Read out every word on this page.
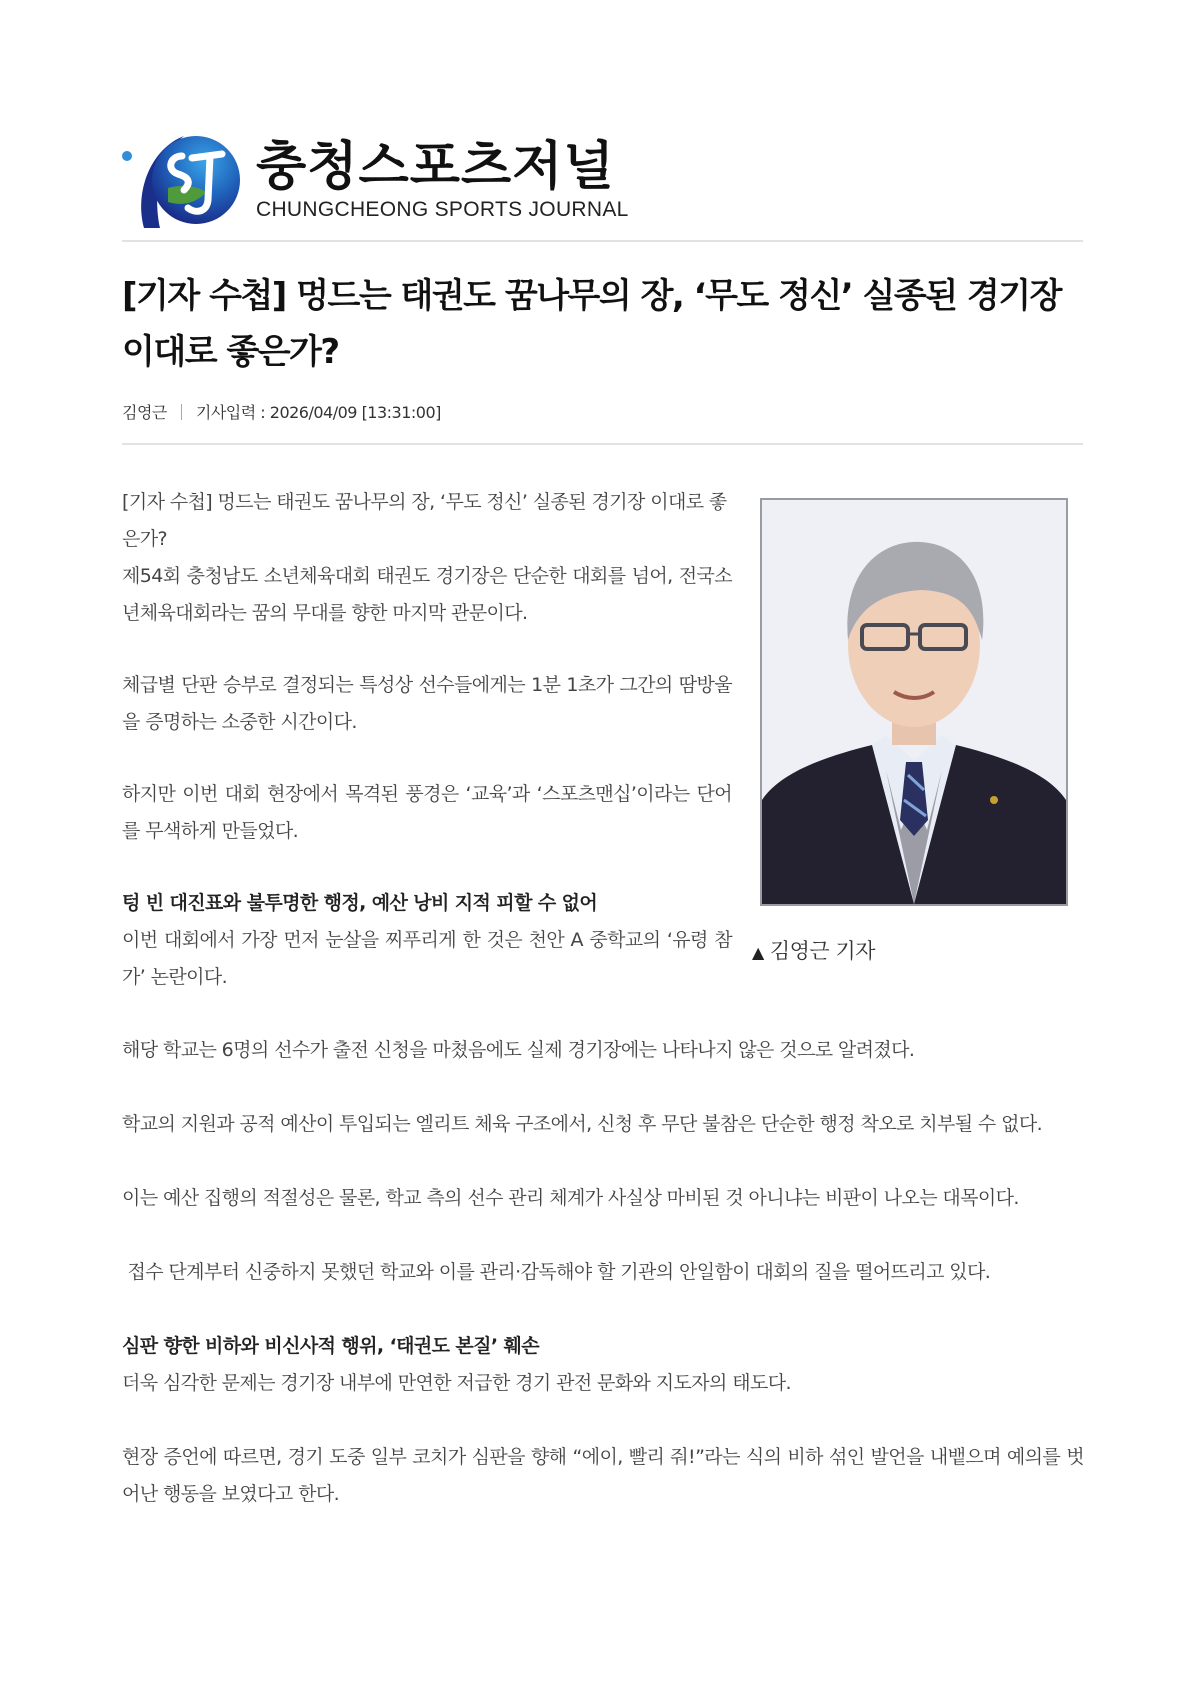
충청스포츠저널
CHUNGCHEONG SPORTS JOURNAL
[기자 수첩] 멍드는 태권도 꿈나무의 장, ‘무도 정신’ 실종된 경기장 이대로 좋은가?
김영근 기사입력 : 2026/04/09 [13:31:00]

[기자 수첩] 멍드는 태권도 꿈나무의 장, ‘무도 정신’ 실종된 경기장 이대로 좋은가?

제54회 충청남도 소년체육대회 태권도 경기장은 단순한 대회를 넘어, 전국소년체육대회라는 꿈의 무대를 향한 마지막 관문이다.

체급별 단판 승부로 결정되는 특성상 선수들에게는 1분 1초가 그간의 땀방울을 증명하는 소중한 시간이다.

하지만 이번 대회 현장에서 목격된 풍경은 ‘교육’과 ‘스포츠맨십’이라는 단어를 무색하게 만들었다.

텅 빈 대진표와 불투명한 행정, 예산 낭비 지적 피할 수 없어

이번 대회에서 가장 먼저 눈살을 찌푸리게 한 것은 천안 A 중학교의 ‘유령 참가’ 논란이다.

▲ 김영근 기자

해당 학교는 6명의 선수가 출전 신청을 마쳤음에도 실제 경기장에는 나타나지 않은 것으로 알려졌다.

학교의 지원과 공적 예산이 투입되는 엘리트 체육 구조에서, 신청 후 무단 불참은 단순한 행정 착오로 치부될 수 없다.

이는 예산 집행의 적절성은 물론, 학교 측의 선수 관리 체계가 사실상 마비된 것 아니냐는 비판이 나오는 대목이다.

접수 단계부터 신중하지 못했던 학교와 이를 관리·감독해야 할 기관의 안일함이 대회의 질을 떨어뜨리고 있다.

심판 향한 비하와 비신사적 행위, ‘태권도 본질’ 훼손

더욱 심각한 문제는 경기장 내부에 만연한 저급한 경기 관전 문화와 지도자의 태도다.

현장 증언에 따르면, 경기 도중 일부 코치가 심판을 향해 “에이, 빨리 줘!”라는 식의 비하 섞인 발언을 내뱉으며 예의를 벗어난 행동을 보였다고 한다.
